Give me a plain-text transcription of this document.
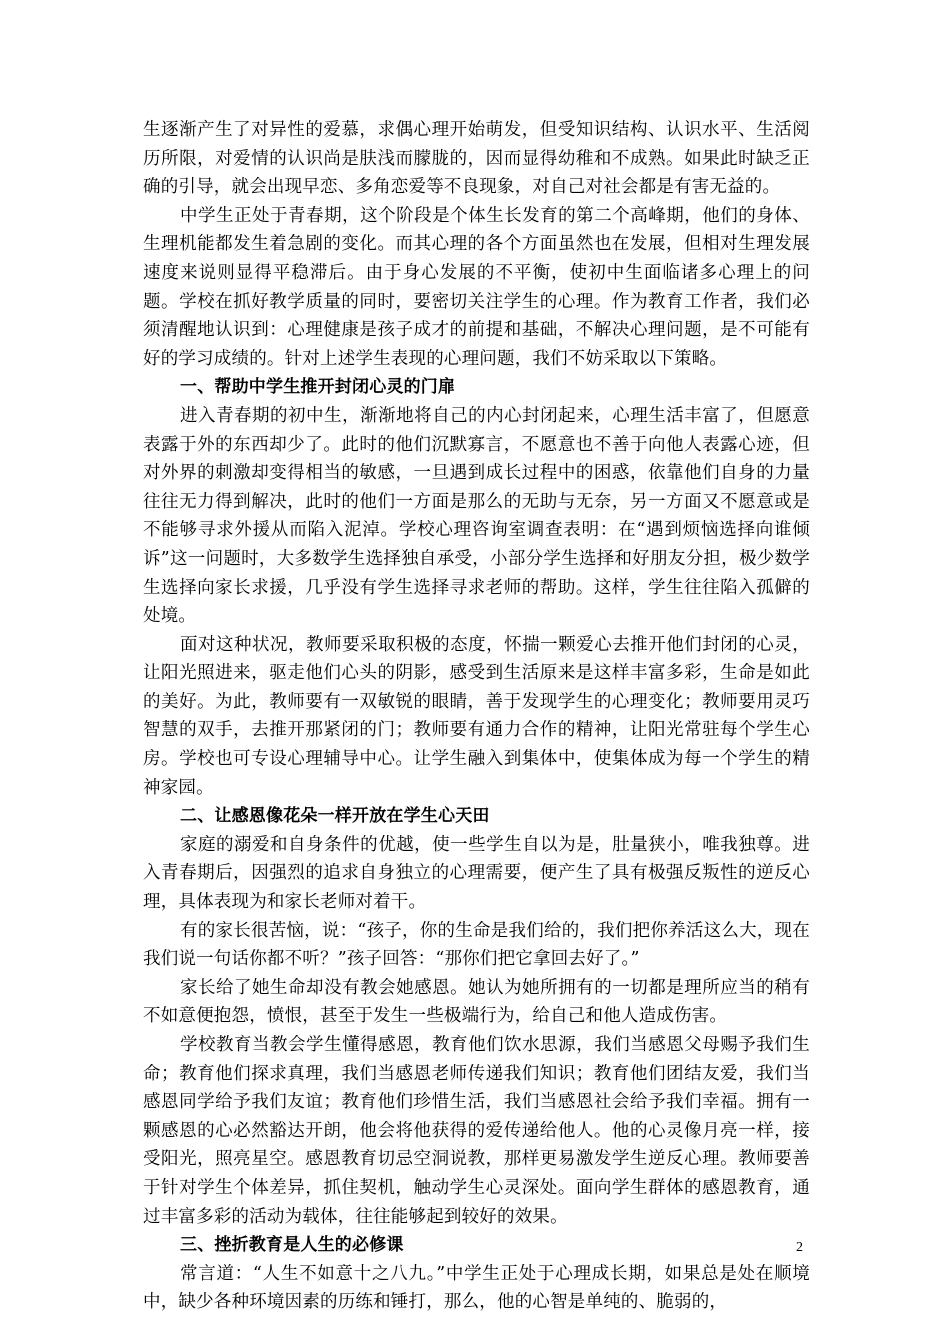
生逐渐产生了对异性的爱慕，求偶心理开始萌发，但受知识结构、认识水平、生活阅历所限，对爱情的认识尚是肤浅而朦胧的，因而显得幼稚和不成熟。如果此时缺乏正确的引导，就会出现早恋、多角恋爱等不良现象，对自己对社会都是有害无益的。

中学生正处于青春期，这个阶段是个体生长发育的第二个高峰期，他们的身体、生理机能都发生着急剧的变化。而其心理的各个方面虽然也在发展，但相对生理发展速度来说则显得平稳滞后。由于身心发展的不平衡，使初中生面临诸多心理上的问题。学校在抓好教学质量的同时，要密切关注学生的心理。作为教育工作者，我们必须清醒地认识到：心理健康是孩子成才的前提和基础，不解决心理问题，是不可能有好的学习成绩的。针对上述学生表现的心理问题，我们不妨采取以下策略。

一、帮助中学生推开封闭心灵的门扉

进入青春期的初中生，渐渐地将自己的内心封闭起来，心理生活丰富了，但愿意表露于外的东西却少了。此时的他们沉默寡言，不愿意也不善于向他人表露心迹，但对外界的刺激却变得相当的敏感，一旦遇到成长过程中的困惑，依靠他们自身的力量往往无力得到解决，此时的他们一方面是那么的无助与无奈，另一方面又不愿意或是不能够寻求外援从而陷入泥淖。学校心理咨询室调查表明：在“遇到烦恼选择向谁倾诉”这一问题时，大多数学生选择独自承受，小部分学生选择和好朋友分担，极少数学生选择向家长求援，几乎没有学生选择寻求老师的帮助。这样，学生往往陷入孤僻的处境。

面对这种状况，教师要采取积极的态度，怀揣一颗爱心去推开他们封闭的心灵，让阳光照进来，驱走他们心头的阴影，感受到生活原来是这样丰富多彩，生命是如此的美好。为此，教师要有一双敏锐的眼睛，善于发现学生的心理变化；教师要用灵巧智慧的双手，去推开那紧闭的门；教师要有通力合作的精神，让阳光常驻每个学生心房。学校也可专设心理辅导中心。让学生融入到集体中，使集体成为每一个学生的精神家园。

二、让感恩像花朵一样开放在学生心天田

家庭的溺爱和自身条件的优越，使一些学生自以为是，肚量狭小，唯我独尊。进入青春期后，因强烈的追求自身独立的心理需要，便产生了具有极强反叛性的逆反心理，具体表现为和家长老师对着干。

有的家长很苦恼，说：“孩子，你的生命是我们给的，我们把你养活这么大，现在我们说一句话你都不听？”孩子回答：“那你们把它拿回去好了。”

家长给了她生命却没有教会她感恩。她认为她所拥有的一切都是理所应当的稍有不如意便抱怨，愤恨，甚至于发生一些极端行为，给自己和他人造成伤害。

学校教育当教会学生懂得感恩，教育他们饮水思源，我们当感恩父母赐予我们生命；教育他们探求真理，我们当感恩老师传递我们知识；教育他们团结友爱，我们当感恩同学给予我们友谊；教育他们珍惜生活，我们当感恩社会给予我们幸福。拥有一颗感恩的心必然豁达开朗，他会将他获得的爱传递给他人。他的心灵像月亮一样，接受阳光，照亮星空。感恩教育切忌空洞说教，那样更易激发学生逆反心理。教师要善于针对学生个体差异，抓住契机，触动学生心灵深处。面向学生群体的感恩教育，通过丰富多彩的活动为载体，往往能够起到较好的效果。

三、挫折教育是人生的必修课

常言道：“人生不如意十之八九。”中学生正处于心理成长期，如果总是处在顺境中，缺少各种环境因素的历练和锤打，那么，他的心智是单纯的、脆弱的，

2
